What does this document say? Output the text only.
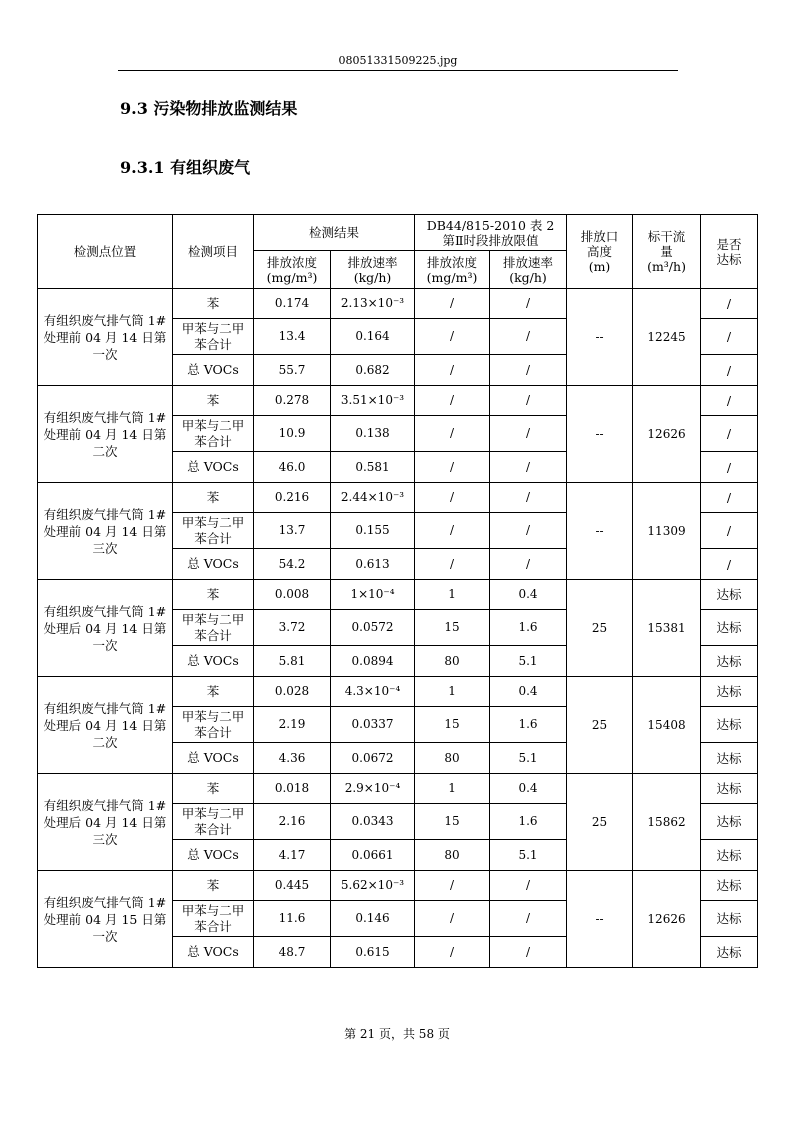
08051331509225.jpg
9.3 污染物排放监测结果
9.3.1 有组织废气
检测点位置	检测项目	检测结果		DB44/815-2010 表 2 第Ⅱ时段排放限值		排放口高度 (m)	标干流量 (m³/h)	是否达标
		排放浓度 (mg/m³)	排放速率 (kg/h)	排放浓度 (mg/m³)	排放速率 (kg/h)			
有组织废气排气筒 1# 处理前 04 月 14 日第一次	苯	0.174	2.13×10⁻³	/	/	--	12245	/
	甲苯与二甲苯合计	13.4	0.164	/	/			/
	总 VOCs	55.7	0.682	/	/			/
有组织废气排气筒 1# 处理前 04 月 14 日第二次	苯	0.278	3.51×10⁻³	/	/	--	12626	/
	甲苯与二甲苯合计	10.9	0.138	/	/			/
	总 VOCs	46.0	0.581	/	/			/
有组织废气排气筒 1# 处理前 04 月 14 日第三次	苯	0.216	2.44×10⁻³	/	/	--	11309	/
	甲苯与二甲苯合计	13.7	0.155	/	/			/
	总 VOCs	54.2	0.613	/	/			/
有组织废气排气筒 1# 处理后 04 月 14 日第一次	苯	0.008	1×10⁻⁴	1	0.4	25	15381	达标
	甲苯与二甲苯合计	3.72	0.0572	15	1.6			达标
	总 VOCs	5.81	0.0894	80	5.1			达标
有组织废气排气筒 1# 处理后 04 月 14 日第二次	苯	0.028	4.3×10⁻⁴	1	0.4	25	15408	达标
	甲苯与二甲苯合计	2.19	0.0337	15	1.6			达标
	总 VOCs	4.36	0.0672	80	5.1			达标
有组织废气排气筒 1# 处理后 04 月 14 日第三次	苯	0.018	2.9×10⁻⁴	1	0.4	25	15862	达标
	甲苯与二甲苯合计	2.16	0.0343	15	1.6			达标
	总 VOCs	4.17	0.0661	80	5.1			达标
有组织废气排气筒 1# 处理前 04 月 15 日第一次	苯	0.445	5.62×10⁻³	/	/	--	12626	达标
	甲苯与二甲苯合计	11.6	0.146	/	/			达标
	总 VOCs	48.7	0.615	/	/			达标
第 21 页，共 58 页
